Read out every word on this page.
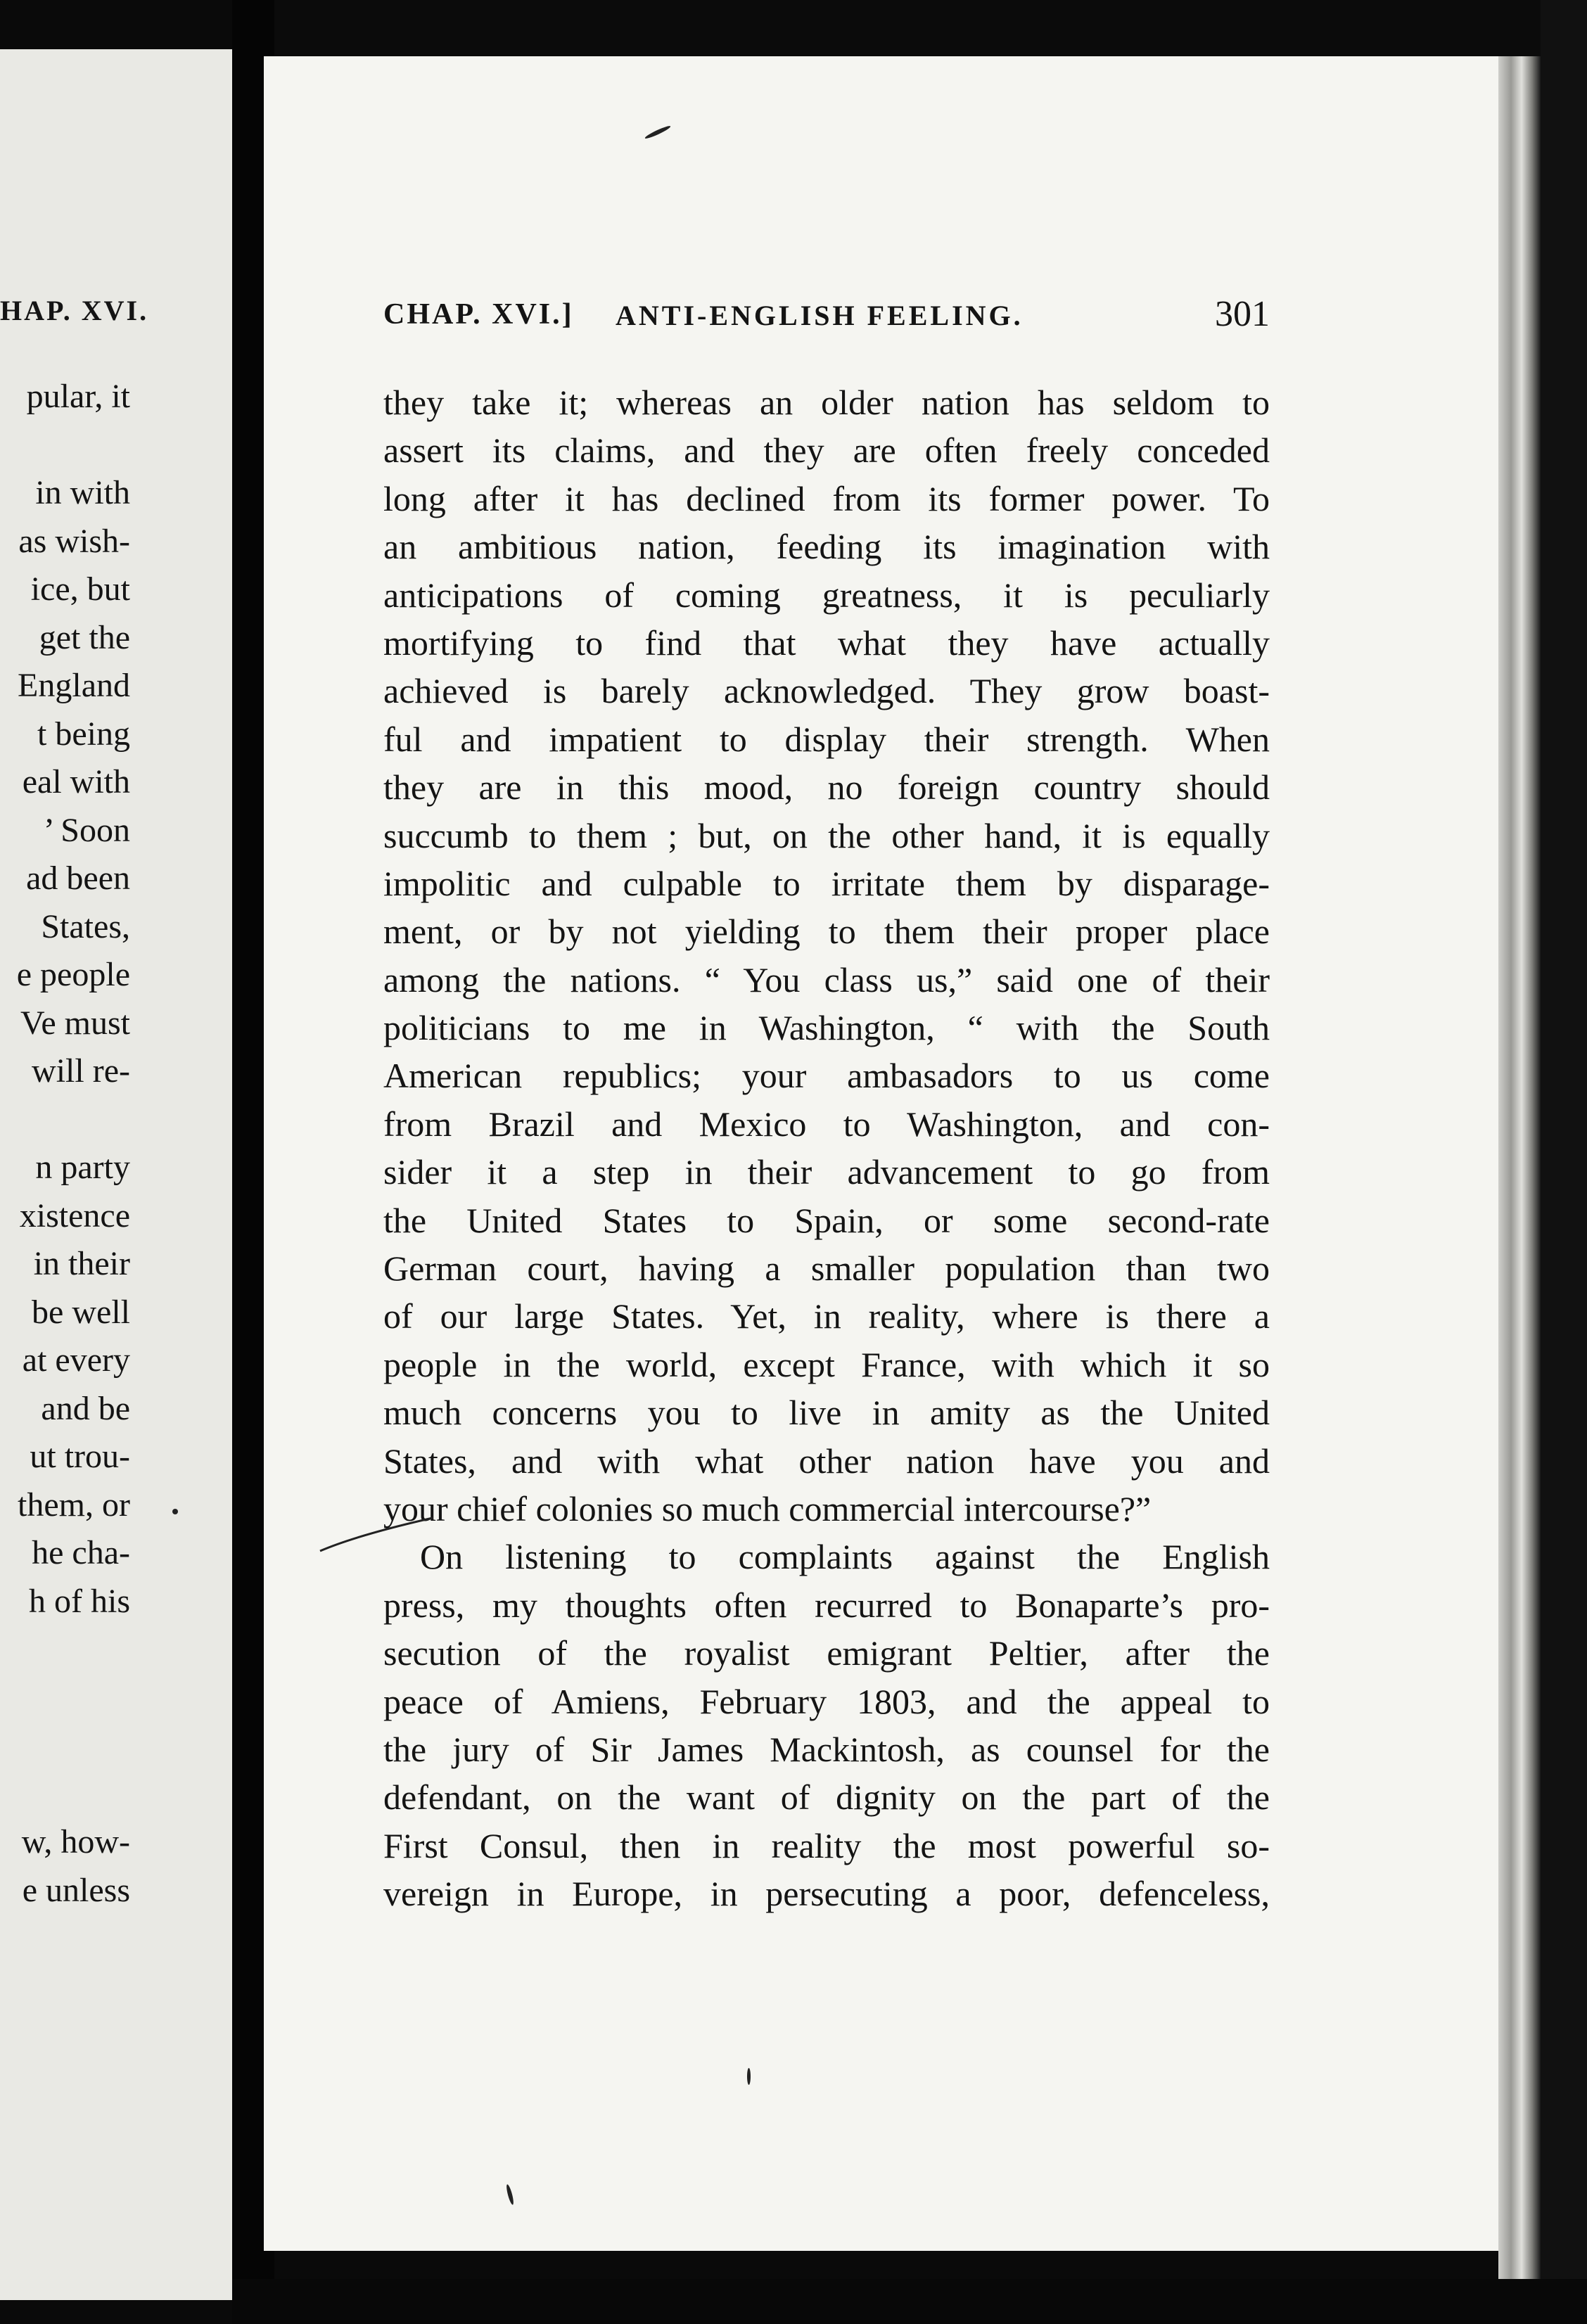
HAP. XVI.
pular, it
in with
as wish-
ice, but
get the
England
t being
eal with
’ Soon
ad been
States,
e people
Ve must
will re-
n party
xistence
in their
be well
at every
and be
ut trou-
them, or
he cha-
h of his
w, how-
e unless
CHAP. XVI.] ANTI-ENGLISH FEELING.	301
they take it; whereas an older nation has seldom to
assert its claims, and they are often freely conceded
long after it has declined from its former power. To
an ambitious nation, feeding its imagination with
anticipations of coming greatness, it is peculiarly
mortifying to find that what they have actually
achieved is barely acknowledged. They grow boast-
ful and impatient to display their strength. When
they are in this mood, no foreign country should
succumb to them ; but, on the other hand, it is equally
impolitic and culpable to irritate them by disparage-
ment, or by not yielding to them their proper place
among the nations. “ You class us,” said one of their
politicians to me in Washington, “ with the South
American republics; your ambasadors to us come
from Brazil and Mexico to Washington, and con-
sider it a step in their advancement to go from
the United States to Spain, or some second-rate
German court, having a smaller population than two
of our large States. Yet, in reality, where is there a
people in the world, except France, with which it so
much concerns you to live in amity as the United
States, and with what other nation have you and
your chief colonies so much commercial intercourse?”
On listening to complaints against the English
press, my thoughts often recurred to Bonaparte’s pro-
secution of the royalist emigrant Peltier, after the
peace of Amiens, February 1803, and the appeal to
the jury of Sir James Mackintosh, as counsel for the
defendant, on the want of dignity on the part of the
First Consul, then in reality the most powerful so-
vereign in Europe, in persecuting a poor, defenceless,
